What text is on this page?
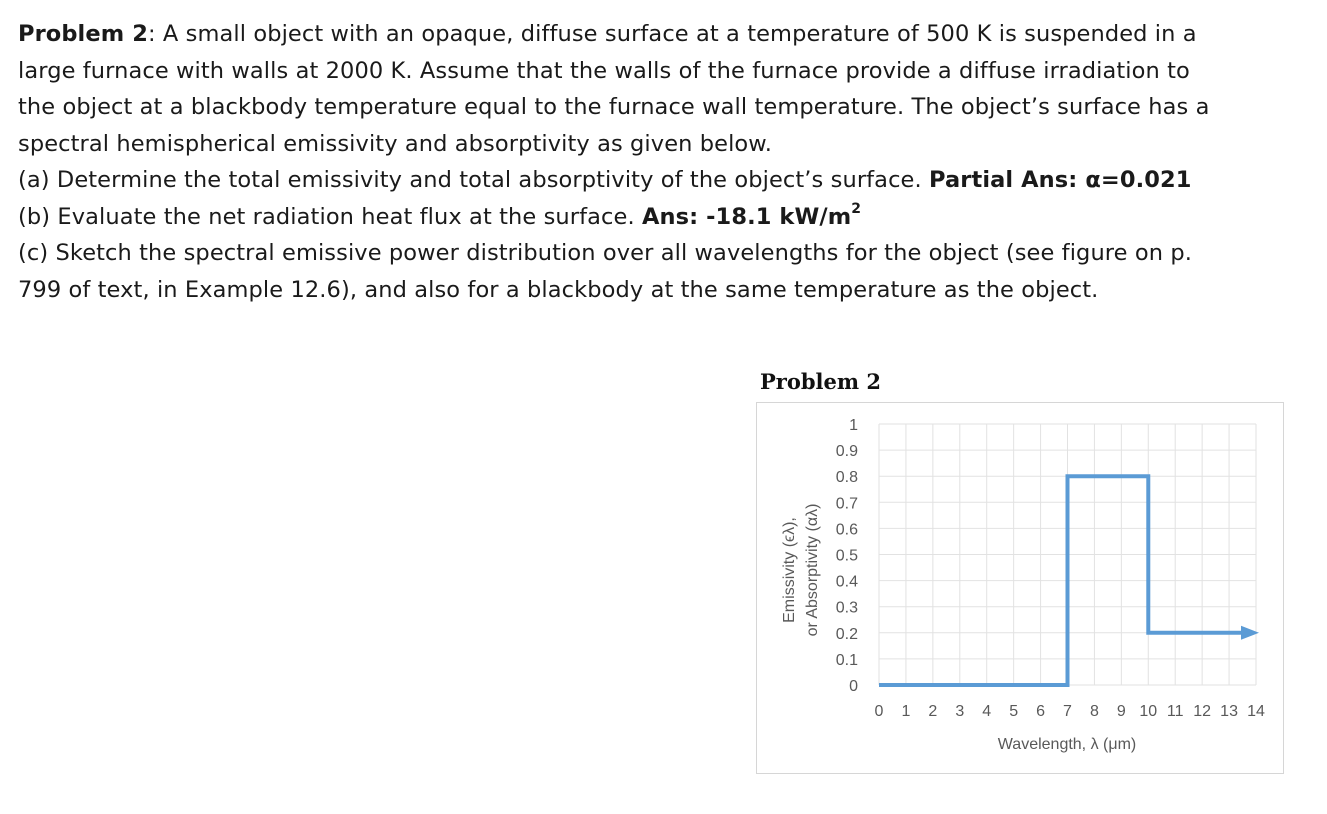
Problem 2: A small object with an opaque, diffuse surface at a temperature of 500 K is suspended in a
large furnace with walls at 2000 K. Assume that the walls of the furnace provide a diffuse irradiation to
the object at a blackbody temperature equal to the furnace wall temperature. The object’s surface has a
spectral hemispherical emissivity and absorptivity as given below.
(a) Determine the total emissivity and total absorptivity of the object’s surface. Partial Ans: α=0.021
(b) Evaluate the net radiation heat flux at the surface. Ans: -18.1 $kW/m^2$
(c) Sketch the spectral emissive power distribution over all wavelengths for the object (see figure on p.
799 of text, in Example 12.6), and also for a blackbody at the same temperature as the object.
Problem 2
0
0.1
0.2
0.3
0.4
0.5
0.6
0.7
0.8
0.9
1
0 1 2 3 4 5 6 7 8 9 10 11 12 13 14
Emissivity (ϵλ), or Absorptivity (αλ)
Wavelength, λ (μm)
